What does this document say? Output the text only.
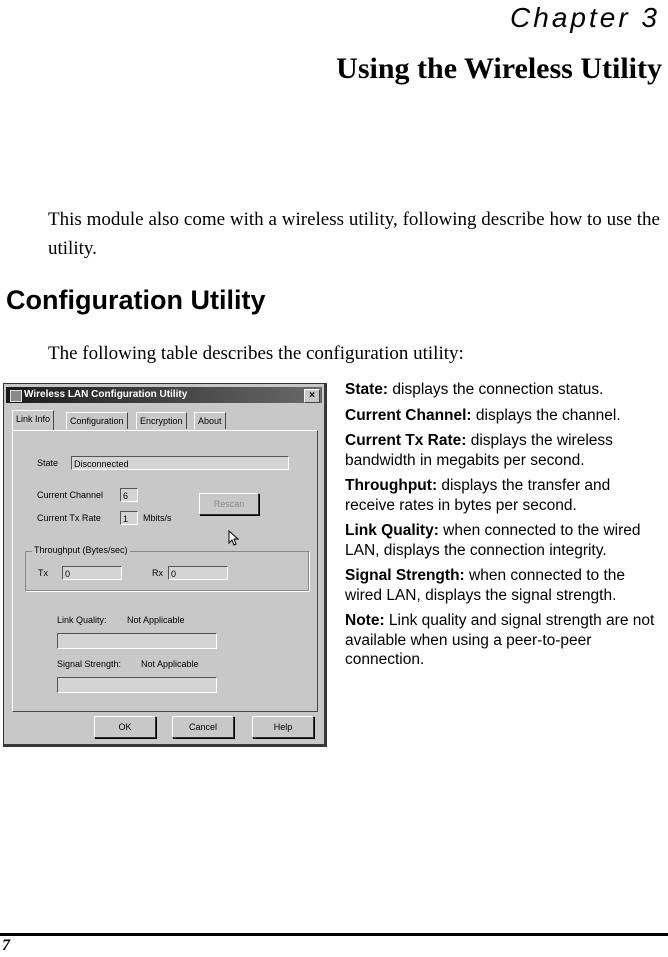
Chapter 3
Using the Wireless Utility
This module also come with a wireless utility, following describe how to use the utility.
Configuration Utility
The following table describes the configuration utility:
Wireless LAN Configuration Utility	×
Link Info	Configuration	Encryption	About
State	Disconnected
Current Channel	6
Current Tx Rate	1	Mbits/s
Rescan
Throughput (Bytes/sec)
Tx	0	Rx 0
Link Quality: Not Applicable
Signal Strength: Not Applicable
OK	Cancel	Help

State: displays the connection status.

Current Channel: displays the channel.

Current Tx Rate: displays the wireless bandwidth in megabits per second.

Throughput: displays the transfer and receive rates in bytes per second.

Link Quality: when connected to the wired LAN, displays the connection integrity.

Signal Strength: when connected to the wired LAN, displays the signal strength.

Note: Link quality and signal strength are not available when using a peer-to-peer connection.

7
